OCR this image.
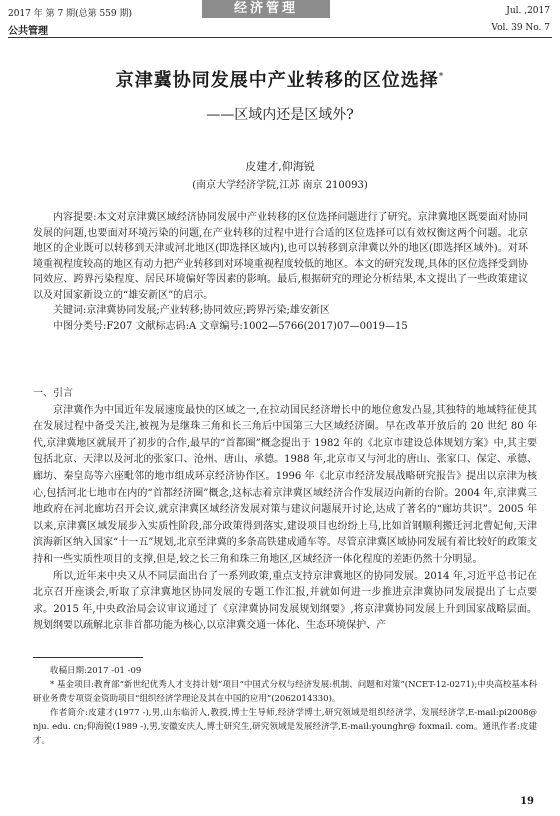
2017 年 第 7 期(总第 559 期)	经济管理	Jul. ,2017
公共管理	Vol. 39 No. 7
京津冀协同发展中产业转移的区位选择*
——区域内还是区域外?
皮建才,仰海锐
(南京大学经济学院,江苏 南京 210093)

内容提要:本文对京津冀区域经济协同发展中产业转移的区位选择问题进行了研究。京津冀地区既要面对协同发展的问题,也要面对环境污染的问题,在产业转移的过程中进行合适的区位选择可以有效权衡这两个问题。北京地区的企业既可以转移到天津或河北地区(即选择区域内),也可以转移到京津冀以外的地区(即选择区域外)。对环境重视程度较高的地区有动力把产业转移到对环境重视程度较低的地区。本文的研究发现,具体的区位选择受到协同效应、跨界污染程度、居民环境偏好等因素的影响。最后,根据研究的理论分析结果,本文提出了一些政策建议以及对国家新设立的“雄安新区”的启示。

关键词:京津冀协同发展;产业转移;协同效应;跨界污染;雄安新区

中图分类号:F207 文献标志码:A 文章编号:1002—5766(2017)07—0019—15

一、引言

京津冀作为中国近年发展速度最快的区域之一,在拉动国民经济增长中的地位愈发凸显,其独特的地域特征使其在发展过程中备受关注,被视为是继珠三角和长三角后中国第三大区域经济圈。早在改革开放后的 20 世纪 80 年代,京津冀地区就展开了初步的合作,最早的“首都圈”概念提出于 1982 年的《北京市建设总体规划方案》中,其主要包括北京、天津以及河北的张家口、沧州、唐山、承德。1988 年,北京市又与河北的唐山、张家口、保定、承德、廊坊、秦皇岛等六座毗邻的地市组成环京经济协作区。1996 年《北京市经济发展战略研究报告》提出以京津为核心,包括河北七地市在内的“首都经济圈”概念,这标志着京津冀区域经济合作发展迈向新的台阶。2004 年,京津冀三地政府在河北廊坊召开会议,就京津冀区域经济发展对策与建议问题展开讨论,达成了著名的“廊坊共识”。2005 年以来,京津冀区域发展步入实质性阶段,部分政策得到落实,建设项目也纷纷上马,比如首钢顺利搬迁河北曹妃甸,天津滨海新区纳入国家“十一五”规划,北京至津冀的多条高铁建成通车等。尽管京津冀区域协同发展有着比较好的政策支持和一些实质性项目的支撑,但是,较之长三角和珠三角地区,区域经济一体化程度的差距仍然十分明显。

所以,近年来中央又从不同层面出台了一系列政策,重点支持京津冀地区的协同发展。2014 年,习近平总书记在北京召开座谈会,听取了京津冀地区协同发展的专题工作汇报,并就如何进一步推进京津冀协同发展提出了七点要求。2015 年,中央政治局会议审议通过了《京津冀协同发展规划纲要》,将京津冀协同发展上升到国家战略层面。规划纲要以疏解北京非首都功能为核心,以京津冀交通一体化、生态环境保护、产

收稿日期:2017 -01 -09

* 基金项目:教育部“新世纪优秀人才支持计划”项目“中国式分权与经济发展:机制、问题和对策”(NCET-12-0271);中央高校基本科研业务费专项资金资助项目“组织经济学理论及其在中国的应用”(2062014330)。

作者简介:皮建才(1977 -),男,山东临沂人,教授,博士生导师,经济学博士,研究领域是组织经济学、发展经济学,E-mail:pi2008@ nju. edu. cn;仰海锐(1989 -),男,安徽安庆人,博士研究生,研究领域是发展经济学,E-mail:younghr@ foxmail. com。通讯作者:皮建才。

19
